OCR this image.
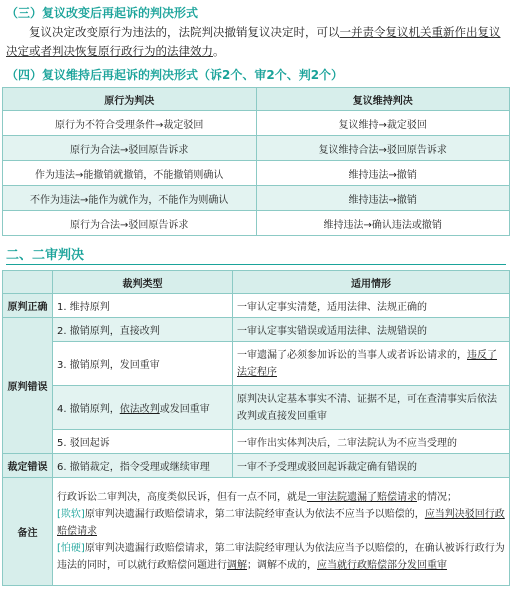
（三）复议改变后再起诉的判决形式
复议决定改变原行为违法的，法院判决撤销复议决定时，可以一并责令复议机关重新作出复议决定或者判决恢复原行政行为的法律效力。
（四）复议维持后再起诉的判决形式（诉2个、审2个、判2个）
原行为判决	复议维持判决
原行为不符合受理条件→裁定驳回	复议维持→裁定驳回
原行为合法→驳回原告诉求	复议维持合法→驳回原告诉求
作为违法→能撤销就撤销，不能撤销则确认	维持违法→撤销
不作为违法→能作为就作为，不能作为则确认	维持违法→撤销
原行为合法→驳回原告诉求	维持违法→确认违法或撤销
二、二审判决
	裁判类型	适用情形
原判正确	1. 维持原判	一审认定事实清楚，适用法律、法规正确的
原判错误	2. 撤销原判，直接改判	一审认定事实错误或适用法律、法规错误的
	3. 撤销原判，发回重审	一审遗漏了必须参加诉讼的当事人或者诉讼请求的，违反了法定程序
	4. 撤销原判，依法改判或发回重审	原判决认定基本事实不清、证据不足，可在查清事实后依法改判或直接发回重审
	5. 驳回起诉	一审作出实体判决后，二审法院认为不应当受理的
裁定错误	6. 撤销裁定，指令受理或继续审理	一审不予受理或驳回起诉裁定确有错误的
备注	行政诉讼二审判决，高度类似民诉，但有一点不同，就是一审法院遗漏了赔偿请求的情况；
[欺软]原审判决遗漏行政赔偿请求，第二审法院经审查认为依法不应当予以赔偿的，应当判决驳回行政赔偿请求
[怕硬]原审判决遗漏行政赔偿请求，第二审法院经审理认为依法应当予以赔偿的，在确认被诉行政行为违法的同时，可以就行政赔偿问题进行调解；调解不成的，应当就行政赔偿部分发回重审	
